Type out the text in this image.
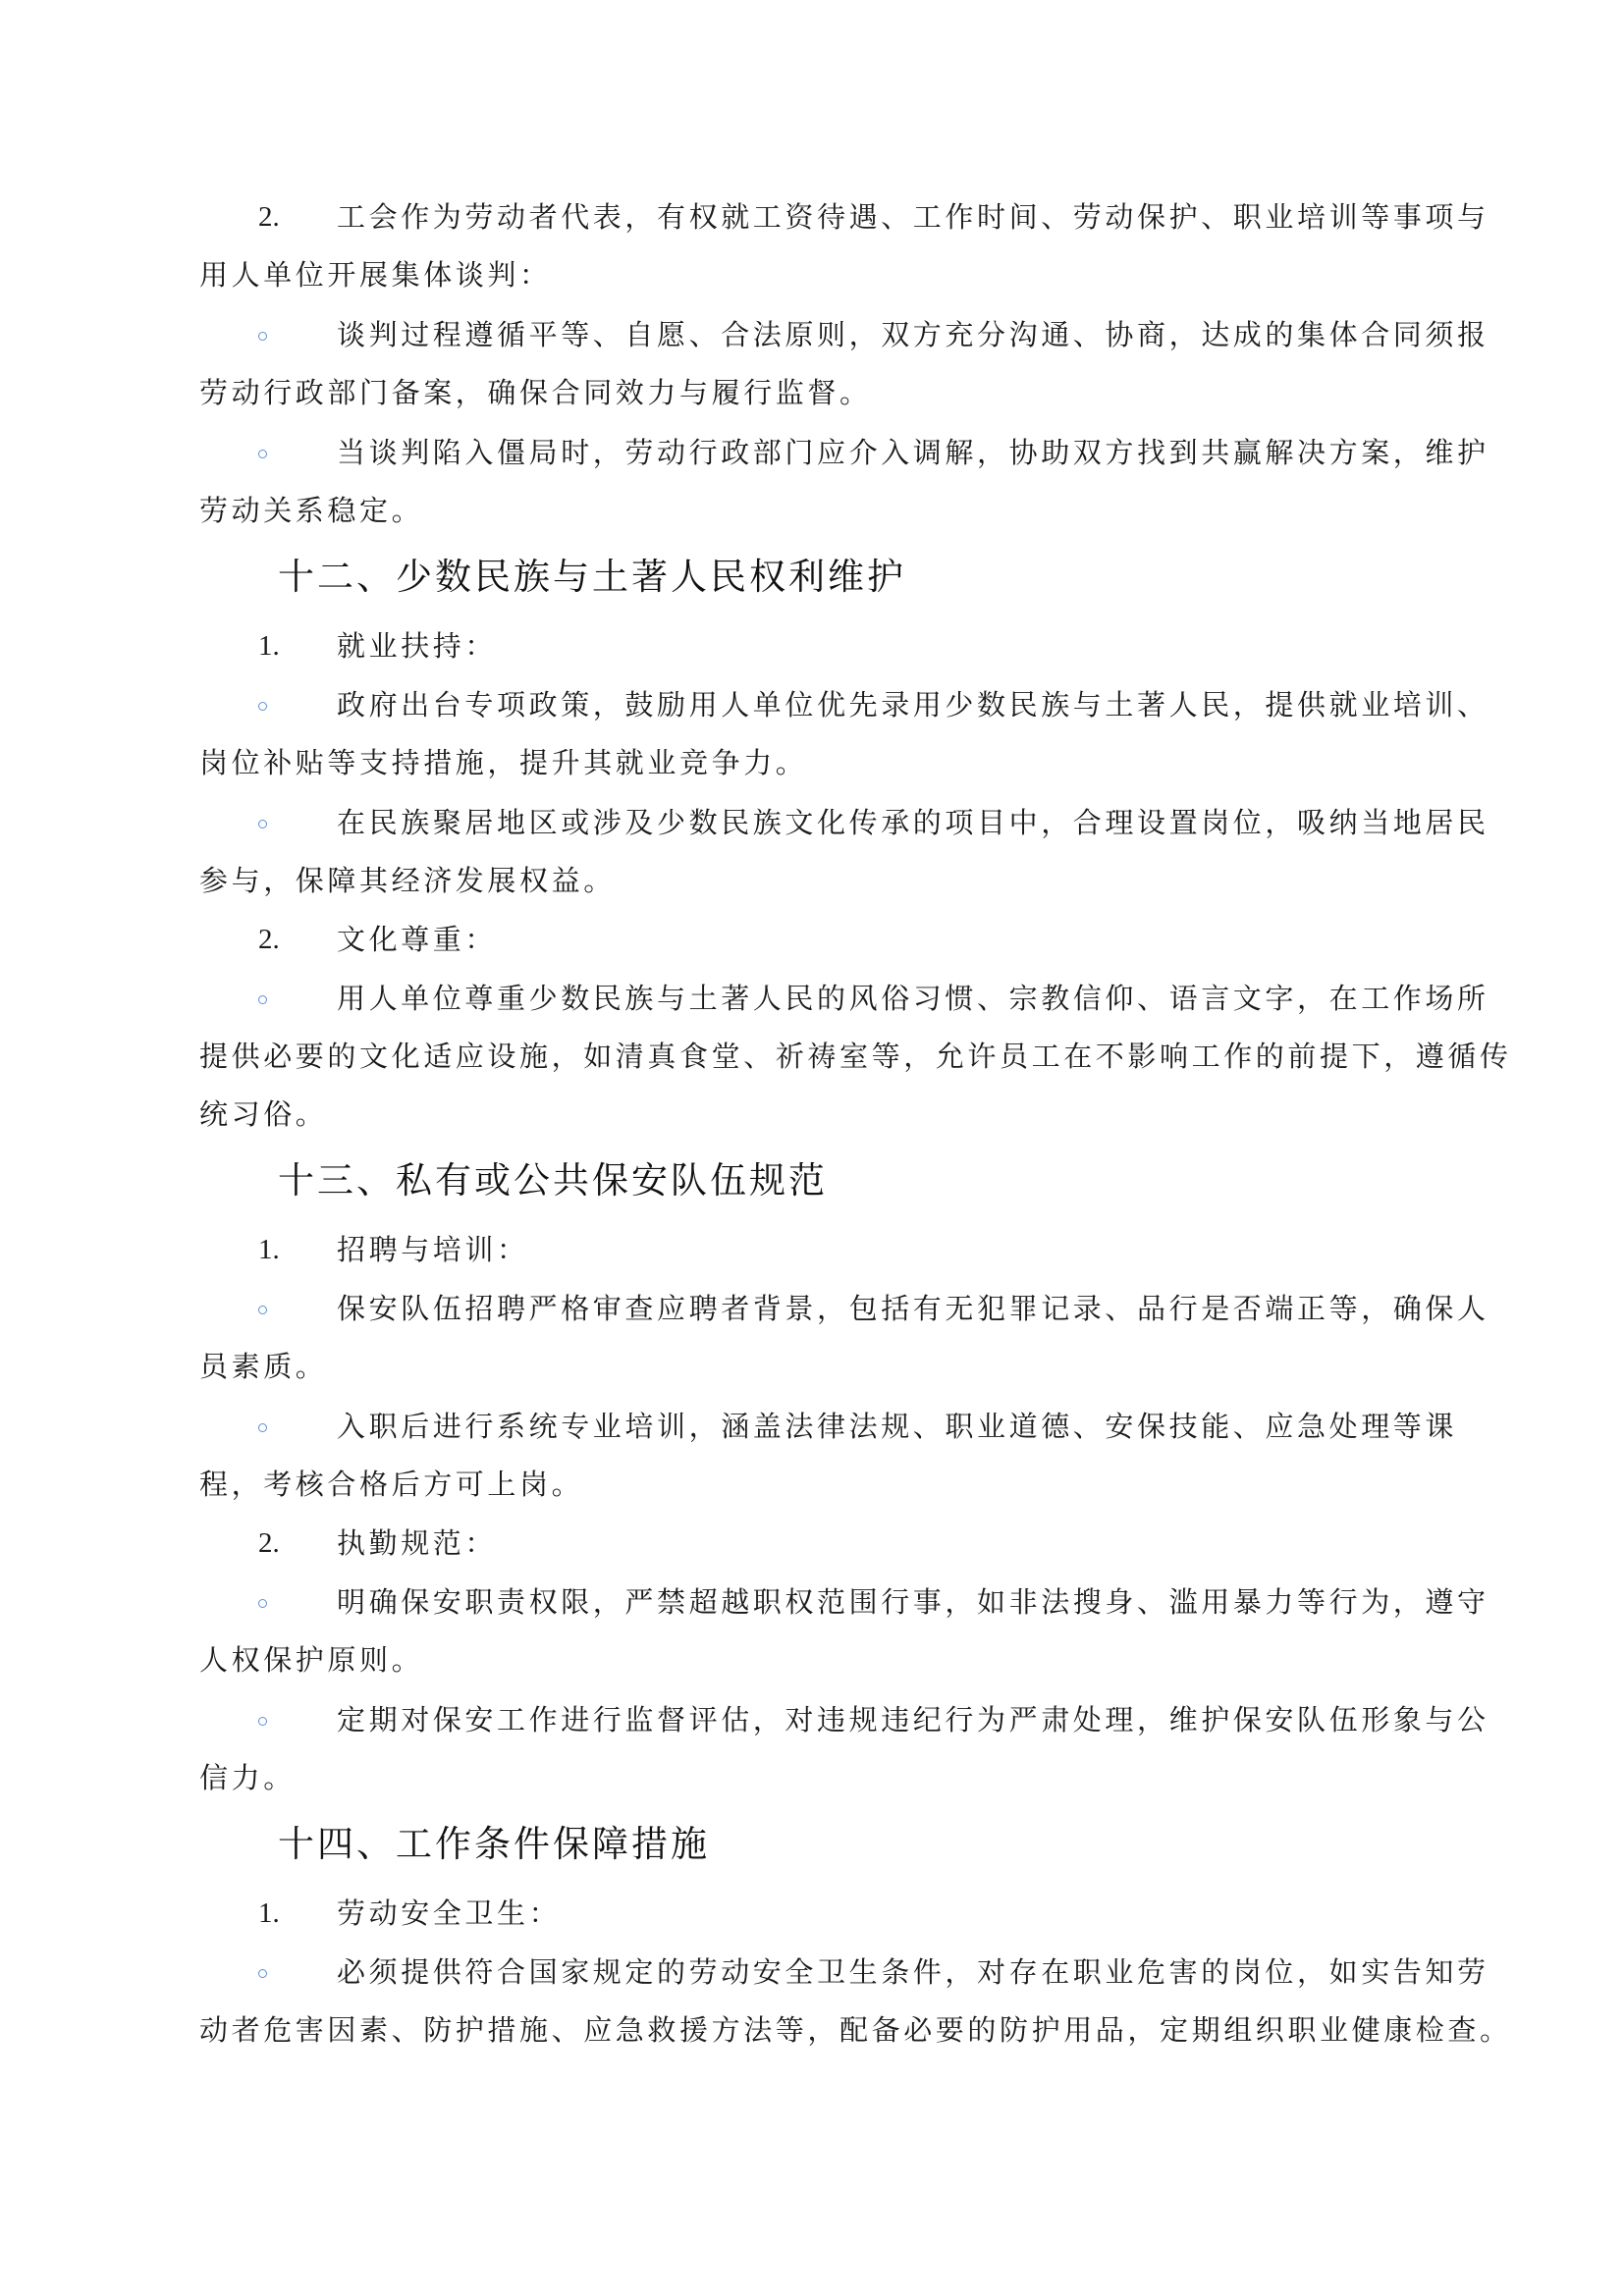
2. 工会作为劳动者代表，有权就工资待遇、工作时间、劳动保护、职业培训等事项与
用人单位开展集体谈判：
谈判过程遵循平等、自愿、合法原则，双方充分沟通、协商，达成的集体合同须报
劳动行政部门备案，确保合同效力与履行监督。
当谈判陷入僵局时，劳动行政部门应介入调解，协助双方找到共赢解决方案，维护
劳动关系稳定。
十二、少数民族与土著人民权利维护
1. 就业扶持：
政府出台专项政策，鼓励用人单位优先录用少数民族与土著人民，提供就业培训、
岗位补贴等支持措施，提升其就业竞争力。
在民族聚居地区或涉及少数民族文化传承的项目中，合理设置岗位，吸纳当地居民
参与，保障其经济发展权益。
2. 文化尊重：
用人单位尊重少数民族与土著人民的风俗习惯、宗教信仰、语言文字，在工作场所
提供必要的文化适应设施，如清真食堂、祈祷室等，允许员工在不影响工作的前提下，遵循传
统习俗。
十三、私有或公共保安队伍规范
1. 招聘与培训：
保安队伍招聘严格审查应聘者背景，包括有无犯罪记录、品行是否端正等，确保人
员素质。
入职后进行系统专业培训，涵盖法律法规、职业道德、安保技能、应急处理等课
程，考核合格后方可上岗。
2. 执勤规范：
明确保安职责权限，严禁超越职权范围行事，如非法搜身、滥用暴力等行为，遵守
人权保护原则。
定期对保安工作进行监督评估，对违规违纪行为严肃处理，维护保安队伍形象与公
信力。
十四、工作条件保障措施
1. 劳动安全卫生：
必须提供符合国家规定的劳动安全卫生条件，对存在职业危害的岗位，如实告知劳
动者危害因素、防护措施、应急救援方法等，配备必要的防护用品，定期组织职业健康检查。
